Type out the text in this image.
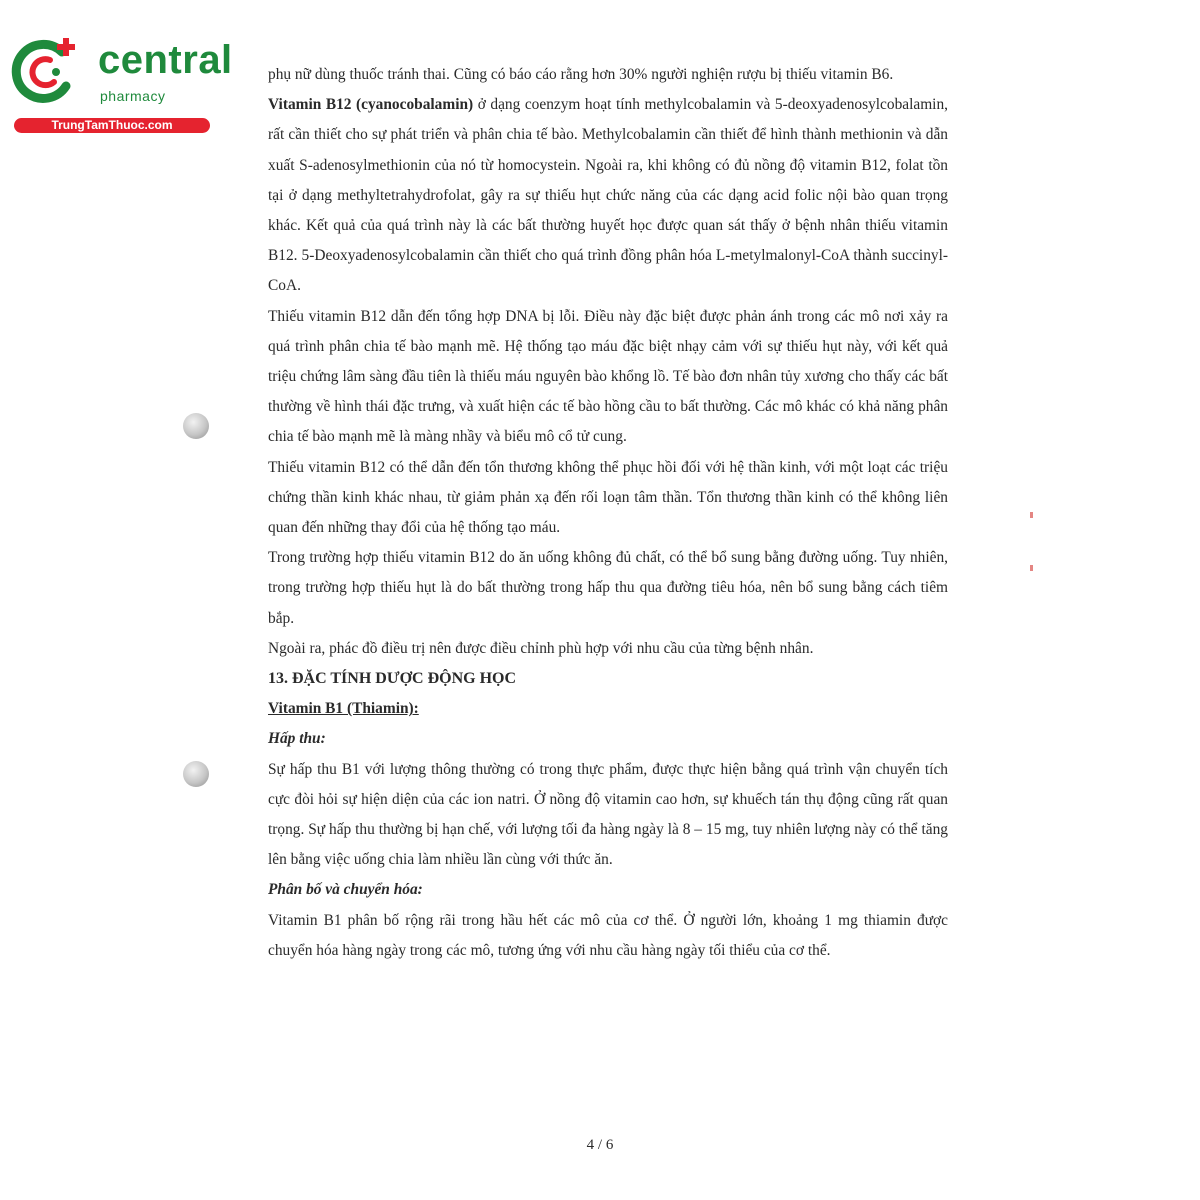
central
pharmacy
TrungTamThuoc.com

phụ nữ dùng thuốc tránh thai. Cũng có báo cáo rằng hơn 30% người nghiện rượu bị thiếu vitamin B6.

Vitamin B12 (cyanocobalamin) ở dạng coenzym hoạt tính methylcobalamin và 5-deoxyadenosylcobalamin, rất cần thiết cho sự phát triển và phân chia tế bào. Methylcobalamin cần thiết để hình thành methionin và dẫn xuất S-adenosylmethionin của nó từ homocystein. Ngoài ra, khi không có đủ nồng độ vitamin B12, folat tồn tại ở dạng methyltetrahydrofolat, gây ra sự thiếu hụt chức năng của các dạng acid folic nội bào quan trọng khác. Kết quả của quá trình này là các bất thường huyết học được quan sát thấy ở bệnh nhân thiếu vitamin B12. 5-Deoxyadenosylcobalamin cần thiết cho quá trình đồng phân hóa L-metylmalonyl-CoA thành succinyl-CoA.

Thiếu vitamin B12 dẫn đến tổng hợp DNA bị lỗi. Điều này đặc biệt được phản ánh trong các mô nơi xảy ra quá trình phân chia tế bào mạnh mẽ. Hệ thống tạo máu đặc biệt nhạy cảm với sự thiếu hụt này, với kết quả triệu chứng lâm sàng đầu tiên là thiếu máu nguyên bào khổng lồ. Tế bào đơn nhân tủy xương cho thấy các bất thường về hình thái đặc trưng, và xuất hiện các tế bào hồng cầu to bất thường. Các mô khác có khả năng phân chia tế bào mạnh mẽ là màng nhầy và biểu mô cổ tử cung.

Thiếu vitamin B12 có thể dẫn đến tổn thương không thể phục hồi đối với hệ thần kinh, với một loạt các triệu chứng thần kinh khác nhau, từ giảm phản xạ đến rối loạn tâm thần. Tổn thương thần kinh có thể không liên quan đến những thay đổi của hệ thống tạo máu.

Trong trường hợp thiếu vitamin B12 do ăn uống không đủ chất, có thể bổ sung bằng đường uống. Tuy nhiên, trong trường hợp thiếu hụt là do bất thường trong hấp thu qua đường tiêu hóa, nên bổ sung bằng cách tiêm bắp.

Ngoài ra, phác đồ điều trị nên được điều chỉnh phù hợp với nhu cầu của từng bệnh nhân.

13. ĐẶC TÍNH DƯỢC ĐỘNG HỌC

Vitamin B1 (Thiamin):

Hấp thu:

Sự hấp thu B1 với lượng thông thường có trong thực phẩm, được thực hiện bằng quá trình vận chuyển tích cực đòi hỏi sự hiện diện của các ion natri. Ở nồng độ vitamin cao hơn, sự khuếch tán thụ động cũng rất quan trọng. Sự hấp thu thường bị hạn chế, với lượng tối đa hàng ngày là 8 – 15 mg, tuy nhiên lượng này có thể tăng lên bằng việc uống chia làm nhiều lần cùng với thức ăn.

Phân bố và chuyển hóa:

Vitamin B1 phân bố rộng rãi trong hầu hết các mô của cơ thể. Ở người lớn, khoảng 1 mg thiamin được chuyển hóa hàng ngày trong các mô, tương ứng với nhu cầu hàng ngày tối thiểu của cơ thể.

4 / 6
